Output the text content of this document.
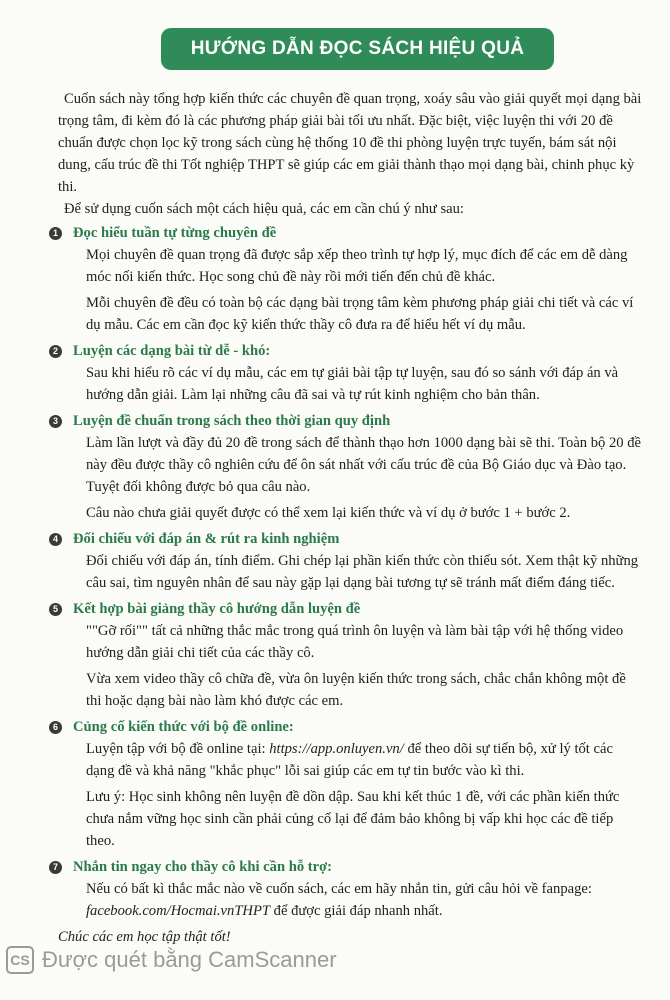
HƯỚNG DẪN ĐỌC SÁCH HIỆU QUẢ

Cuốn sách này tổng hợp kiến thức các chuyên đề quan trọng, xoáy sâu vào giải quyết mọi dạng bài trọng tâm, đi kèm đó là các phương pháp giải bài tối ưu nhất. Đặc biệt, việc luyện thi với 20 đề chuẩn được chọn lọc kỹ trong sách cùng hệ thống 10 đề thi phòng luyện trực tuyến, bám sát nội dung, cấu trúc đề thi Tốt nghiệp THPT sẽ giúp các em giải thành thạo mọi dạng bài, chinh phục kỳ thi.

Để sử dụng cuốn sách một cách hiệu quả, các em cần chú ý như sau:

1 Đọc hiểu tuần tự từng chuyên đề

Mọi chuyên đề quan trọng đã được sắp xếp theo trình tự hợp lý, mục đích để các em dễ dàng móc nối kiến thức. Học song chủ đề này rồi mới tiến đến chủ đề khác.

Mỗi chuyên đề đều có toàn bộ các dạng bài trọng tâm kèm phương pháp giải chi tiết và các ví dụ mẫu. Các em cần đọc kỹ kiến thức thầy cô đưa ra để hiểu hết ví dụ mẫu.

2 Luyện các dạng bài từ dễ - khó:

Sau khi hiểu rõ các ví dụ mẫu, các em tự giải bài tập tự luyện, sau đó so sánh với đáp án và hướng dẫn giải. Làm lại những câu đã sai và tự rút kinh nghiệm cho bản thân.

3 Luyện đề chuẩn trong sách theo thời gian quy định

Làm lần lượt và đầy đủ 20 đề trong sách để thành thạo hơn 1000 dạng bài sẽ thi. Toàn bộ 20 đề này đều được thầy cô nghiên cứu để ôn sát nhất với cấu trúc đề của Bộ Giáo dục và Đào tạo. Tuyệt đối không được bỏ qua câu nào.

Câu nào chưa giải quyết được có thể xem lại kiến thức và ví dụ ở bước 1 + bước 2.

4 Đối chiếu với đáp án & rút ra kinh nghiệm

Đối chiếu với đáp án, tính điểm. Ghi chép lại phần kiến thức còn thiếu sót. Xem thật kỹ những câu sai, tìm nguyên nhân để sau này gặp lại dạng bài tương tự sẽ tránh mất điểm đáng tiếc.

5 Kết hợp bài giảng thầy cô hướng dẫn luyện đề

""Gỡ rối"" tất cả những thắc mắc trong quá trình ôn luyện và làm bài tập với hệ thống video hướng dẫn giải chi tiết của các thầy cô.

Vừa xem video thầy cô chữa đề, vừa ôn luyện kiến thức trong sách, chắc chắn không một đề thi hoặc dạng bài nào làm khó được các em.

6 Củng cố kiến thức với bộ đề online:

Luyện tập với bộ đề online tại: https://app.onluyen.vn/ để theo dõi sự tiến bộ, xử lý tốt các dạng đề và khả năng "khắc phục" lỗi sai giúp các em tự tin bước vào kì thi.

Lưu ý: Học sinh không nên luyện đề dồn dập. Sau khi kết thúc 1 đề, với các phần kiến thức chưa nắm vững học sinh cần phải củng cố lại để đảm bảo không bị vấp khi học các đề tiếp theo.

7 Nhắn tin ngay cho thầy cô khi cần hỗ trợ:

Nếu có bất kì thắc mắc nào về cuốn sách, các em hãy nhắn tin, gửi câu hỏi về fanpage: facebook.com/Hocmai.vnTHPT để được giải đáp nhanh nhất.

Chúc các em học tập thật tốt!

CS Được quét bằng CamScanner
